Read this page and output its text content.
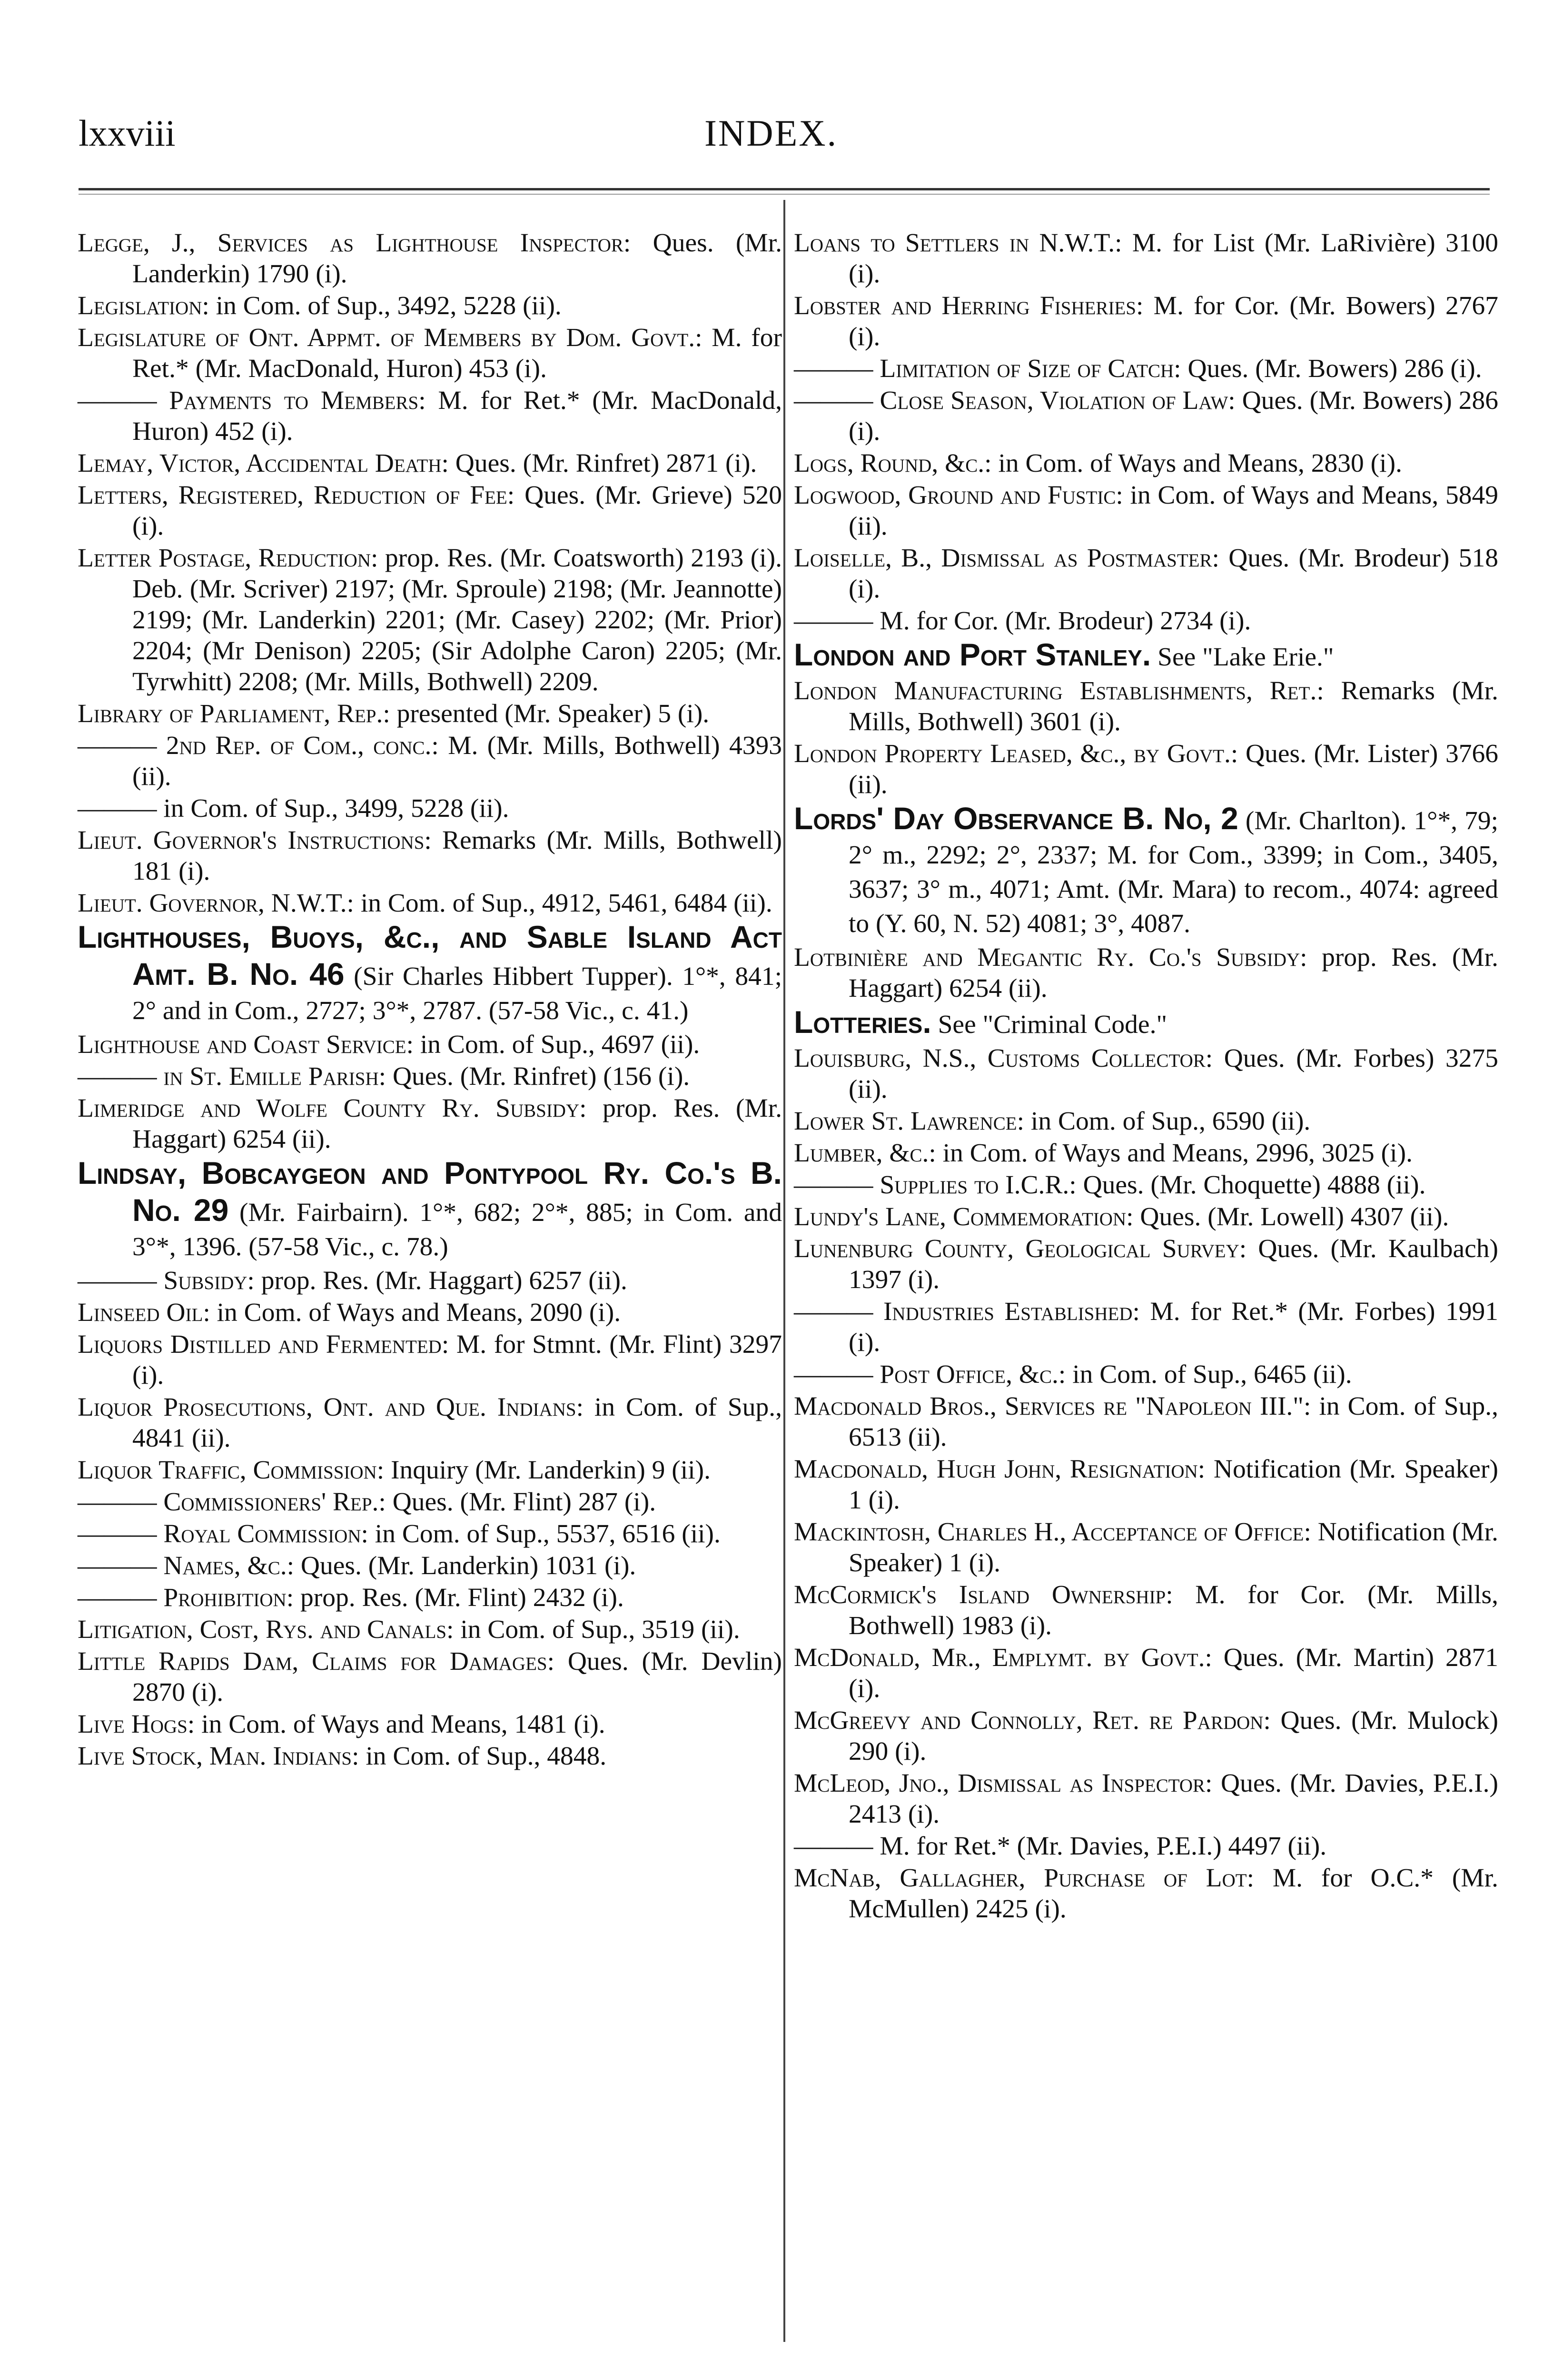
lxxviii	INDEX.
Legge, J., Services as Lighthouse Inspector: Ques. (Mr. Landerkin) 1790 (i).
Legislation: in Com. of Sup., 3492, 5228 (ii).
Legislature of Ont. Appmt. of Members by Dom. Govt.: M. for Ret.* (Mr. MacDonald, Huron) 453 (i).
——— Payments to Members: M. for Ret.* (Mr. MacDonald, Huron) 452 (i).
Lemay, Victor, Accidental Death: Ques. (Mr. Rinfret) 2871 (i).
Letters, Registered, Reduction of Fee: Ques. (Mr. Grieve) 520 (i).
Letter Postage, Reduction: prop. Res. (Mr. Coatsworth) 2193 (i). Deb. (Mr. Scriver) 2197; (Mr. Sproule) 2198; (Mr. Jeannotte) 2199; (Mr. Landerkin) 2201; (Mr. Casey) 2202; (Mr. Prior) 2204; (Mr Denison) 2205; (Sir Adolphe Caron) 2205; (Mr. Tyrwhitt) 2208; (Mr. Mills, Bothwell) 2209.
Library of Parliament, Rep.: presented (Mr. Speaker) 5 (i).
——— 2nd Rep. of Com., conc.: M. (Mr. Mills, Bothwell) 4393 (ii).
——— in Com. of Sup., 3499, 5228 (ii).
Lieut. Governor's Instructions: Remarks (Mr. Mills, Bothwell) 181 (i).
Lieut. Governor, N.W.T.: in Com. of Sup., 4912, 5461, 6484 (ii).
Lighthouses, Buoys, &c., and Sable Island Act Amt. B. No. 46 (Sir Charles Hibbert Tupper). 1°*, 841; 2° and in Com., 2727; 3°*, 2787. (57-58 Vic., c. 41.)
Lighthouse and Coast Service: in Com. of Sup., 4697 (ii).
——— in St. Emille Parish: Ques. (Mr. Rinfret) (156 (i).
Limeridge and Wolfe County Ry. Subsidy: prop. Res. (Mr. Haggart) 6254 (ii).
Lindsay, Bobcaygeon and Pontypool Ry. Co.'s B. No. 29 (Mr. Fairbairn). 1°*, 682; 2°*, 885; in Com. and 3°*, 1396. (57-58 Vic., c. 78.)
——— Subsidy: prop. Res. (Mr. Haggart) 6257 (ii).
Linseed Oil: in Com. of Ways and Means, 2090 (i).
Liquors Distilled and Fermented: M. for Stmnt. (Mr. Flint) 3297 (i).
Liquor Prosecutions, Ont. and Que. Indians: in Com. of Sup., 4841 (ii).
Liquor Traffic, Commission: Inquiry (Mr. Landerkin) 9 (ii).
——— Commissioners' Rep.: Ques. (Mr. Flint) 287 (i).
——— Royal Commission: in Com. of Sup., 5537, 6516 (ii).
——— Names, &c.: Ques. (Mr. Landerkin) 1031 (i).
——— Prohibition: prop. Res. (Mr. Flint) 2432 (i).
Litigation, Cost, Rys. and Canals: in Com. of Sup., 3519 (ii).
Little Rapids Dam, Claims for Damages: Ques. (Mr. Devlin) 2870 (i).
Live Hogs: in Com. of Ways and Means, 1481 (i).
Live Stock, Man. Indians: in Com. of Sup., 4848.
Loans to Settlers in N.W.T.: M. for List (Mr. LaRivière) 3100 (i).
Lobster and Herring Fisheries: M. for Cor. (Mr. Bowers) 2767 (i).
——— Limitation of Size of Catch: Ques. (Mr. Bowers) 286 (i).
——— Close Season, Violation of Law: Ques. (Mr. Bowers) 286 (i).
Logs, Round, &c.: in Com. of Ways and Means, 2830 (i).
Logwood, Ground and Fustic: in Com. of Ways and Means, 5849 (ii).
Loiselle, B., Dismissal as Postmaster: Ques. (Mr. Brodeur) 518 (i).
——— M. for Cor. (Mr. Brodeur) 2734 (i).
London and Port Stanley. See "Lake Erie."
London Manufacturing Establishments, Ret.: Remarks (Mr. Mills, Bothwell) 3601 (i).
London Property Leased, &c., by Govt.: Ques. (Mr. Lister) 3766 (ii).
Lords' Day Observance B. No, 2 (Mr. Charlton). 1°*, 79; 2° m., 2292; 2°, 2337; M. for Com., 3399; in Com., 3405, 3637; 3° m., 4071; Amt. (Mr. Mara) to recom., 4074: agreed to (Y. 60, N. 52) 4081; 3°, 4087.
Lotbinière and Megantic Ry. Co.'s Subsidy: prop. Res. (Mr. Haggart) 6254 (ii).
Lotteries. See "Criminal Code."
Louisburg, N.S., Customs Collector: Ques. (Mr. Forbes) 3275 (ii).
Lower St. Lawrence: in Com. of Sup., 6590 (ii).
Lumber, &c.: in Com. of Ways and Means, 2996, 3025 (i).
——— Supplies to I.C.R.: Ques. (Mr. Choquette) 4888 (ii).
Lundy's Lane, Commemoration: Ques. (Mr. Lowell) 4307 (ii).
Lunenburg County, Geological Survey: Ques. (Mr. Kaulbach) 1397 (i).
——— Industries Established: M. for Ret.* (Mr. Forbes) 1991 (i).
——— Post Office, &c.: in Com. of Sup., 6465 (ii).
Macdonald Bros., Services re "Napoleon III.": in Com. of Sup., 6513 (ii).
Macdonald, Hugh John, Resignation: Notification (Mr. Speaker) 1 (i).
Mackintosh, Charles H., Acceptance of Office: Notification (Mr. Speaker) 1 (i).
McCormick's Island Ownership: M. for Cor. (Mr. Mills, Bothwell) 1983 (i).
McDonald, Mr., Emplymt. by Govt.: Ques. (Mr. Martin) 2871 (i).
McGreevy and Connolly, Ret. re Pardon: Ques. (Mr. Mulock) 290 (i).
McLeod, Jno., Dismissal as Inspector: Ques. (Mr. Davies, P.E.I.) 2413 (i).
——— M. for Ret.* (Mr. Davies, P.E.I.) 4497 (ii).
McNab, Gallagher, Purchase of Lot: M. for O.C.* (Mr. McMullen) 2425 (i).
